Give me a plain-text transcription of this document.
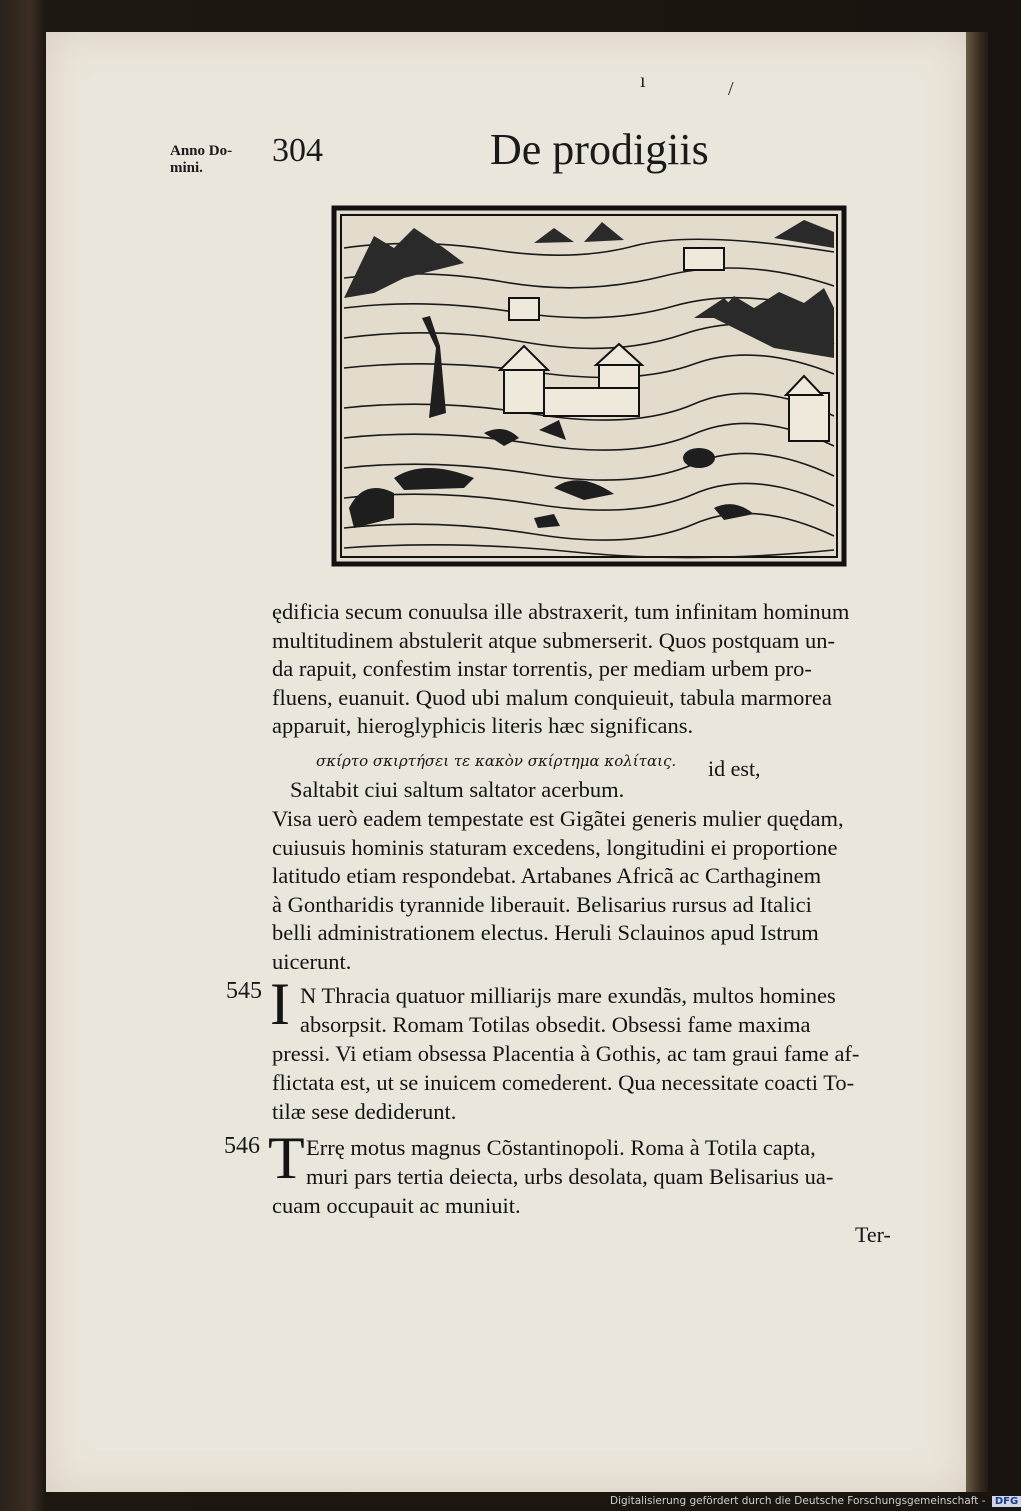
ı	/
Anno Do-
mini.	304	De prodigiis
ędificia secum conuulsa ille abstraxerit, tum infinitam hominum
multitudinem abstulerit atque submerserit. Quos postquam un-
da rapuit, confestim instar torrentis, per mediam urbem pro-
fluens, euanuit. Quod ubi malum conquieuit, tabula marmorea
apparuit, hieroglyphicis literis hæc significans.
σκίρτο σκιρτήσει τε κακὸν σκίρτημα κολίταις. id est,
Saltabit ciui saltum saltator acerbum.
Visa uerò eadem tempestate est Gigãtei generis mulier quędam,
cuiusuis hominis staturam excedens, longitudini ei proportione
latitudo etiam respondebat. Artabanes Africã ac Carthaginem
à Gontharidis tyrannide liberauit. Belisarius rursus ad Italici
belli administrationem electus. Heruli Sclauinos apud Istrum
uicerunt.
545 I N Thracia quatuor milliarijs mare exundãs, multos homines
absorpsit. Romam Totilas obsedit. Obsessi fame maxima
pressi. Vi etiam obsessa Placentia à Gothis, ac tam graui fame af-
flictata est, ut se inuicem comederent. Qua necessitate coacti To-
tilæ sese dediderunt.
546 T Errę motus magnus Cõstantinopoli. Roma à Totila capta,
muri pars tertia deiecta, urbs desolata, quam Belisarius ua-
cuam occupauit ac muniuit.
Ter-
Digitalisierung gefördert durch die Deutsche Forschungsgemeinschaft - DFG
